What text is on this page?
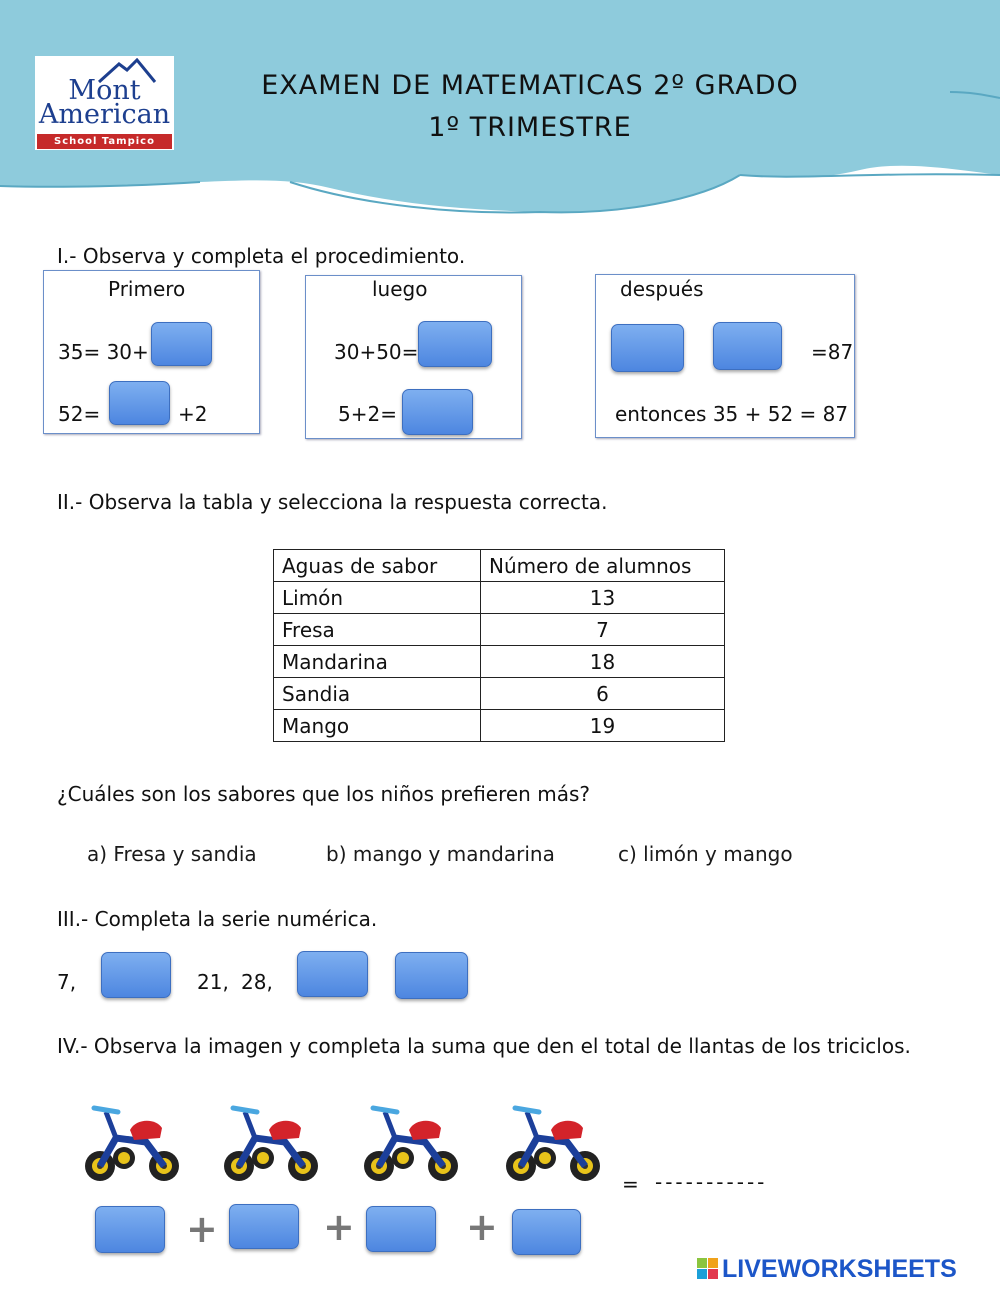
Mont
American
School Tampico
EXAMEN DE MATEMATICAS 2º GRADO
1º TRIMESTRE
I.- Observa y completa el procedimiento.
Primero
35= 30+
52=	+2
luego
30+50=
5+2=
después
=87
entonces 35 + 52 = 87
II.- Observa la tabla y selecciona la respuesta correcta.
Aguas de sabor	Número de alumnos
Limón	13
Fresa	7
Mandarina	18
Sandia	6
Mango	19
¿Cuáles son los sabores que los niños prefieren más?
a) Fresa y sandia	b) mango y mandarina	c) limón y mango
III.- Completa la serie numérica.
7,	21, 28,
IV.- Observa la imagen y completa la suma que den el total de llantas de los triciclos.
= -----------
+	+	+
LIVEWORKSHEETS
